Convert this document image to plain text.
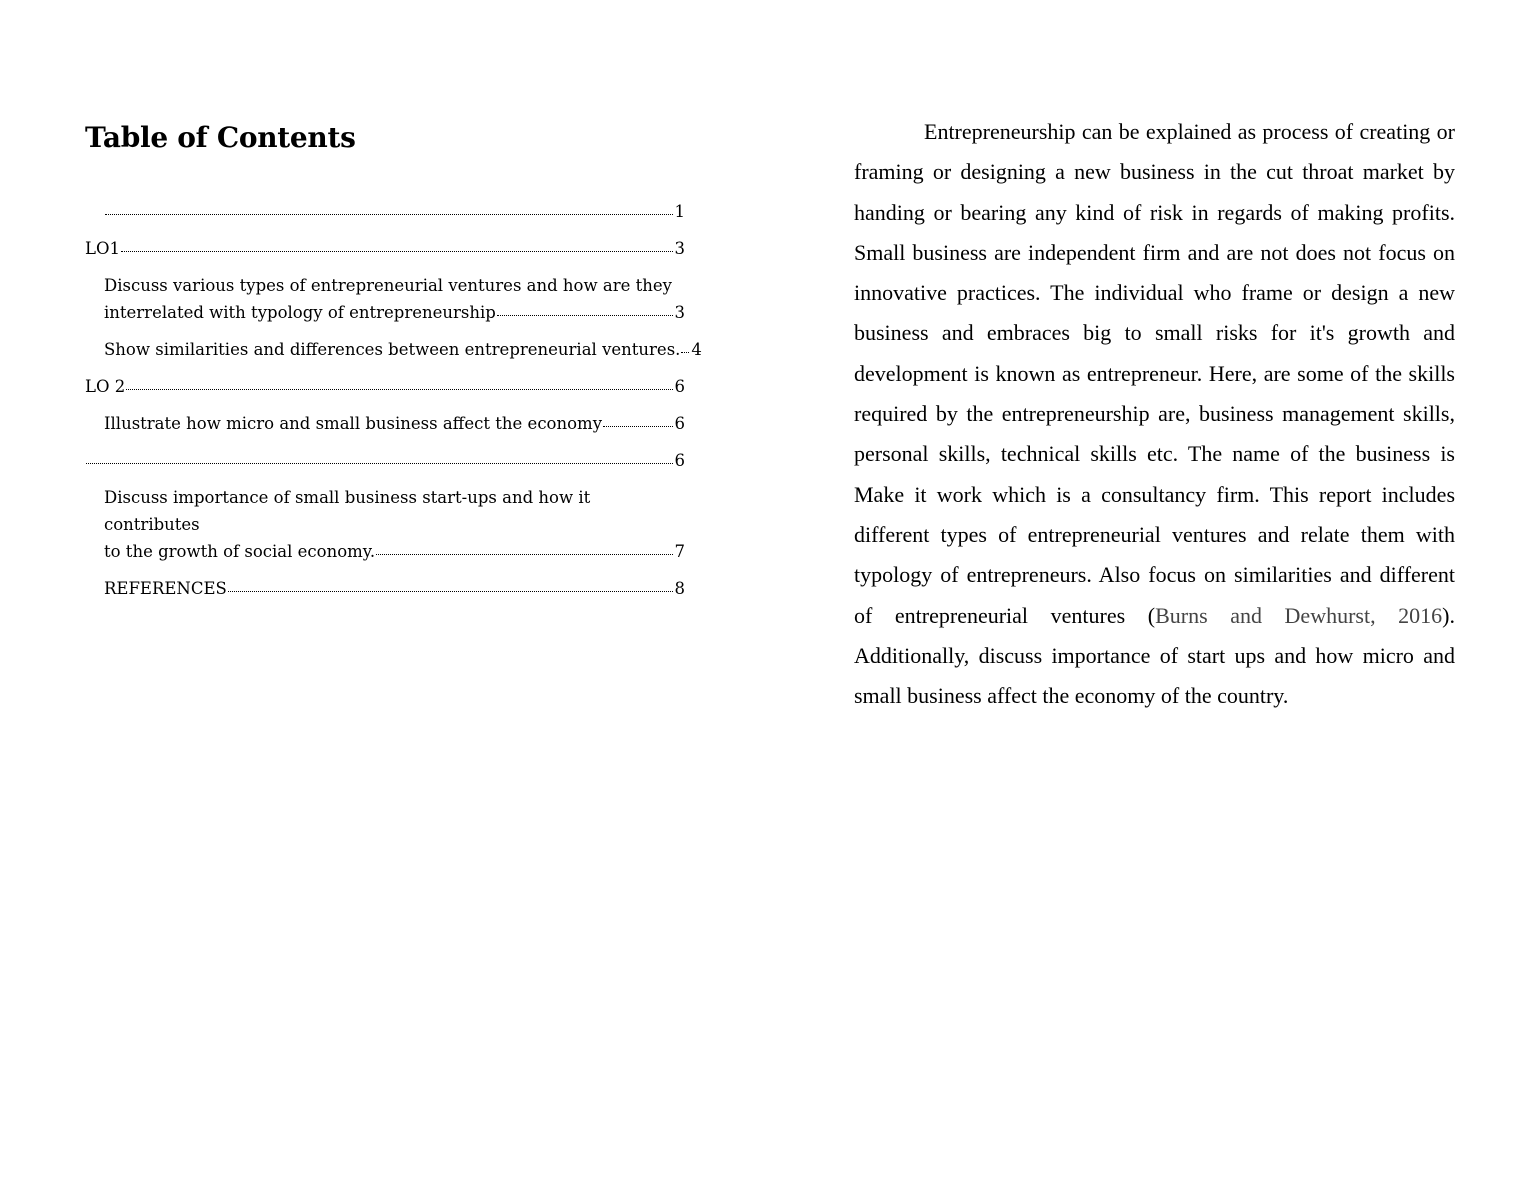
Table of Contents
1
LO1	3
Discuss various types of entrepreneurial ventures and how are they
interrelated with typology of entrepreneurship	3
Show similarities and differences between entrepreneurial ventures. 4
LO 2	6
Illustrate how micro and small business affect the economy	6
6
Discuss importance of small business start-ups and how it contributes
to the growth of social economy.	7
REFERENCES	8

Entrepreneurship can be explained as process of creating or framing or designing a new business in the cut throat market by handing or bearing any kind of risk in regards of making profits. Small business are independent firm and are not does not focus on innovative practices. The individual who frame or design a new business and embraces big to small risks for it's growth and development is known as entrepreneur. Here, are some of the skills required by the entrepreneurship are, business management skills, personal skills, technical skills etc. The name of the business is Make it work which is a consultancy firm. This report includes different types of entrepreneurial ventures and relate them with typology of entrepreneurs. Also focus on similarities and different of entrepreneurial ventures (Burns and Dewhurst, 2016). Additionally, discuss importance of start ups and how micro and small business affect the economy of the country.
